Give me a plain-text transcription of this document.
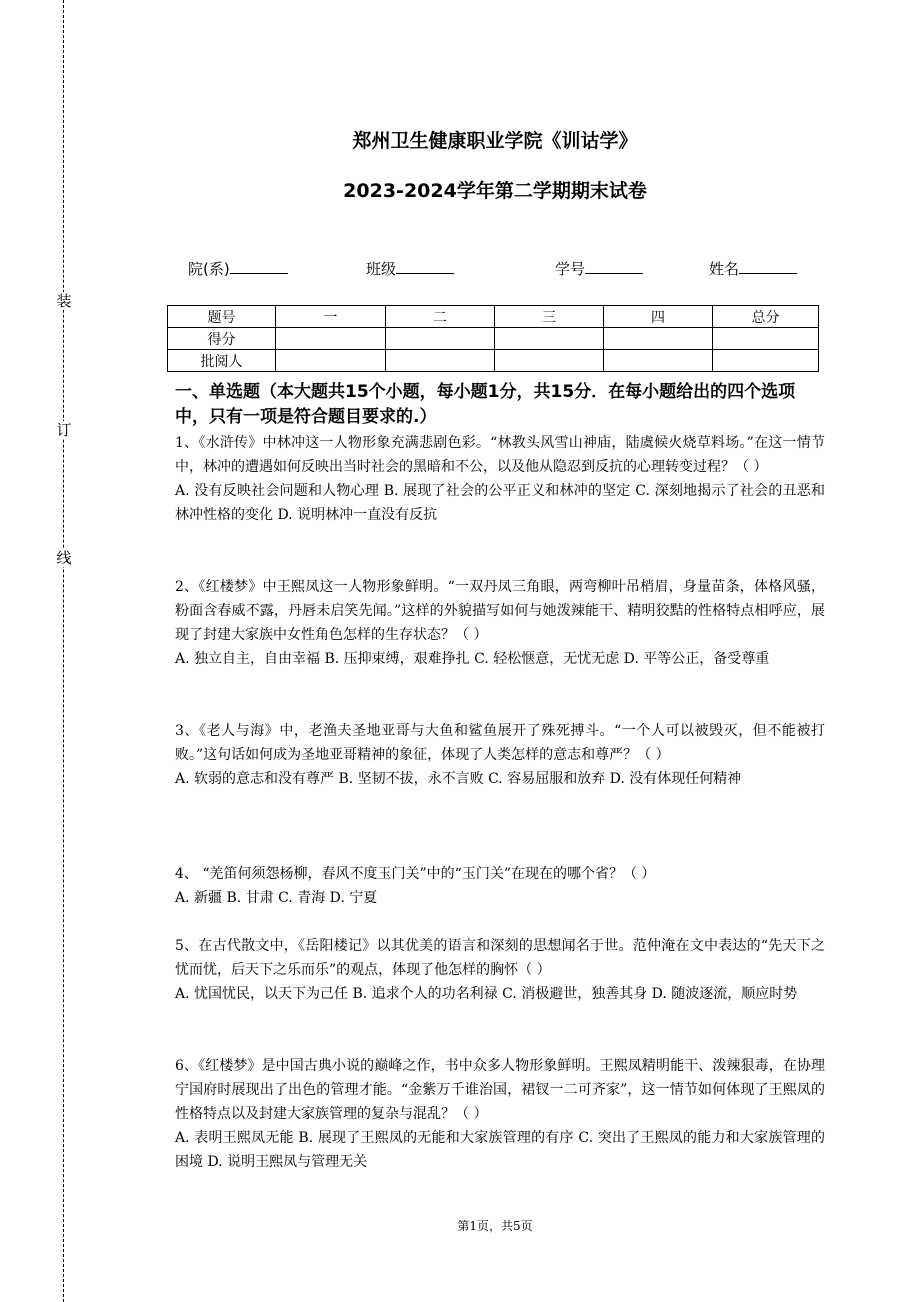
装
订
线
郑州卫生健康职业学院《训诂学》
2023-2024学年第二学期期末试卷
院(系)	班级	学号	姓名
题号	一	二	三	四	总分
得分					
批阅人					
一、单选题（本大题共15个小题，每小题1分，共15分．在每小题给出的四个选项中，只有一项是符合题目要求的.）

1、《水浒传》中林冲这一人物形象充满悲剧色彩。“林教头风雪山神庙，陆虞候火烧草料场。”在这一情节中，林冲的遭遇如何反映出当时社会的黑暗和不公，以及他从隐忍到反抗的心理转变过程？（ ）

A. 没有反映社会问题和人物心理 B. 展现了社会的公平正义和林冲的坚定 C. 深刻地揭示了社会的丑恶和林冲性格的变化 D. 说明林冲一直没有反抗

2、《红楼梦》中王熙凤这一人物形象鲜明。“一双丹凤三角眼，两弯柳叶吊梢眉，身量苗条，体格风骚，粉面含春威不露，丹唇未启笑先闻。”这样的外貌描写如何与她泼辣能干、精明狡黠的性格特点相呼应，展现了封建大家族中女性角色怎样的生存状态？（ ）

A. 独立自主，自由幸福 B. 压抑束缚，艰难挣扎 C. 轻松惬意，无忧无虑 D. 平等公正，备受尊重

3、《老人与海》中，老渔夫圣地亚哥与大鱼和鲨鱼展开了殊死搏斗。“一个人可以被毁灭，但不能被打败。”这句话如何成为圣地亚哥精神的象征，体现了人类怎样的意志和尊严？（ ）

A. 软弱的意志和没有尊严 B. 坚韧不拔，永不言败 C. 容易屈服和放弃 D. 没有体现任何精神

4、 “羌笛何须怨杨柳，春风不度玉门关”中的“玉门关”在现在的哪个省？（ ）

A. 新疆 B. 甘肃 C. 青海 D. 宁夏

5、在古代散文中，《岳阳楼记》以其优美的语言和深刻的思想闻名于世。范仲淹在文中表达的“先天下之忧而忧，后天下之乐而乐”的观点，体现了他怎样的胸怀（ ）

A. 忧国忧民，以天下为己任 B. 追求个人的功名利禄 C. 消极避世，独善其身 D. 随波逐流，顺应时势

6、《红楼梦》是中国古典小说的巅峰之作，书中众多人物形象鲜明。王熙凤精明能干、泼辣狠毒，在协理宁国府时展现出了出色的管理才能。“金紫万千谁治国，裙钗一二可齐家”，这一情节如何体现了王熙凤的性格特点以及封建大家族管理的复杂与混乱？（ ）

A. 表明王熙凤无能 B. 展现了王熙凤的无能和大家族管理的有序 C. 突出了王熙凤的能力和大家族管理的困境 D. 说明王熙凤与管理无关

第1页，共5页
